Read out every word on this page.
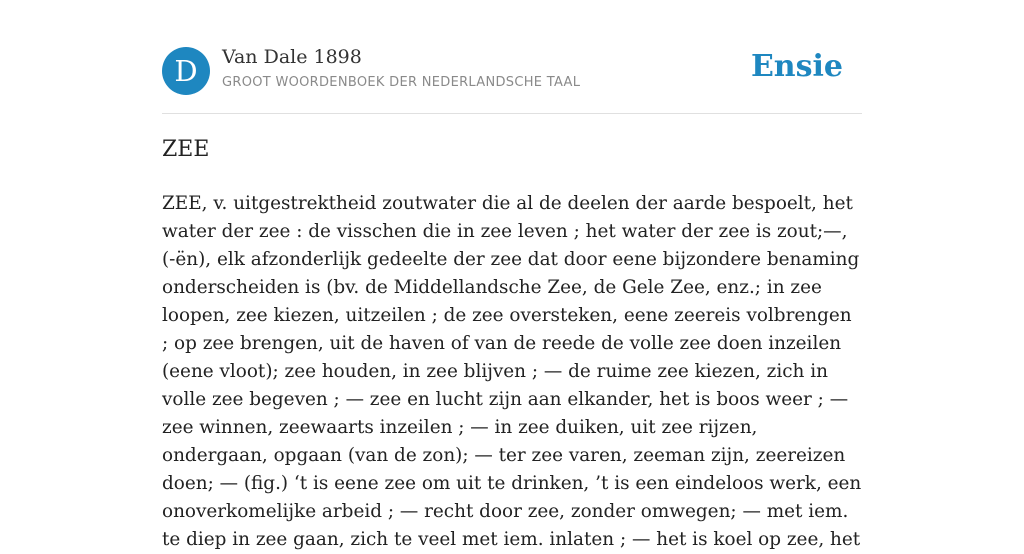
D	Van Dale 1898
GROOT WOORDENBOEK DER NEDERLANDSCHE TAAL	Ensie
ZEE

ZEE, v. uitgestrektheid zoutwater die al de deelen der aarde bespoelt, het water der zee : de visschen die in zee leven ; het water der zee is zout;—, (-ën), elk afzonderlijk gedeelte der zee dat door eene bijzondere benaming onderscheiden is (bv. de Middellandsche Zee, de Gele Zee, enz.; in zee loopen, zee kiezen, uitzeilen ; de zee oversteken, eene zeereis volbrengen ; op zee brengen, uit de haven of van de reede de volle zee doen inzeilen (eene vloot); zee houden, in zee blijven ; — de ruime zee kiezen, zich in volle zee begeven ; — zee en lucht zijn aan elkander, het is boos weer ; — zee winnen, zeewaarts inzeilen ; — in zee duiken, uit zee rijzen, ondergaan, opgaan (van de zon); — ter zee varen, zeeman zijn, zeereizen doen; — (fig.) ‘t is eene zee om uit te drinken, ’t is een eindeloos werk, een onoverkomelijke arbeid ; — recht door zee, zonder omwegen; — met iem. te diep in zee gaan, zich te veel met iem. inlaten ; — het is koel op zee, het
